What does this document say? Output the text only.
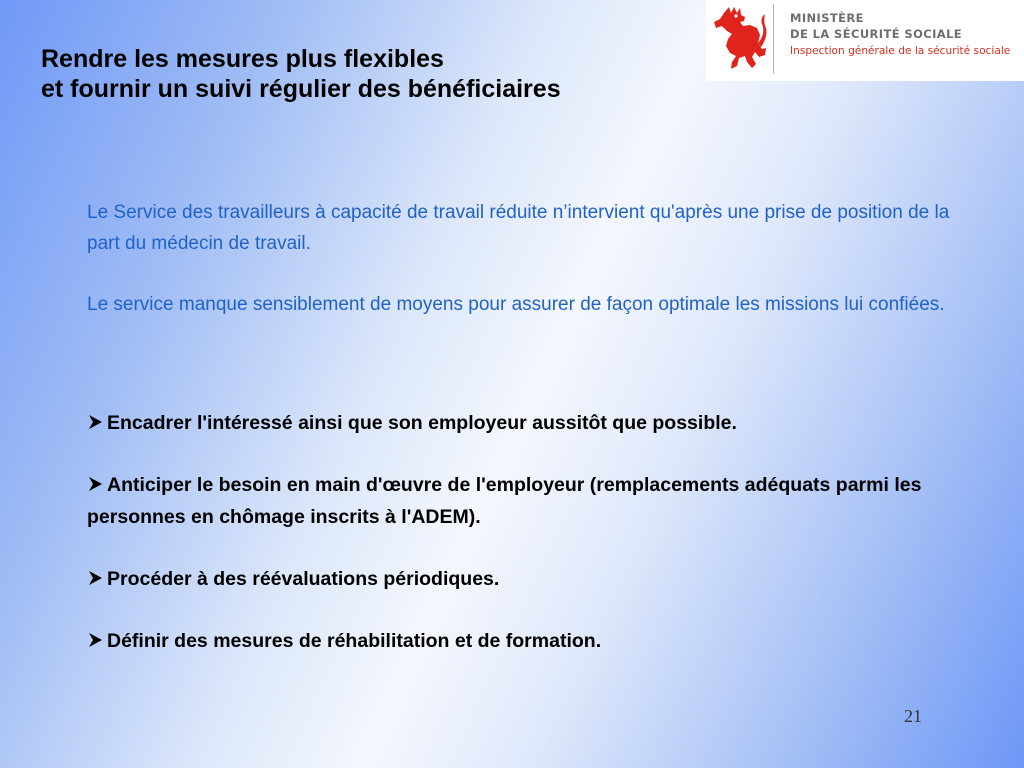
MINISTÈRE
DE LA SÉCURITÉ SOCIALE
Inspection générale de la sécurité sociale
Rendre les mesures plus flexibles
et fournir un suivi régulier des bénéficiaires

Le Service des travailleurs à capacité de travail réduite n’intervient qu'après une prise de position de la part du médecin de travail.

Le service manque sensiblement de moyens pour assurer de façon optimale les missions lui confiées.

Encadrer l'intéressé ainsi que son employeur aussitôt que possible.
Anticiper le besoin en main d'œuvre de l'employeur (remplacements adéquats parmi les personnes en chômage inscrits à l'ADEM).
Procéder à des réévaluations périodiques.
Définir des mesures de réhabilitation et de formation.
21
